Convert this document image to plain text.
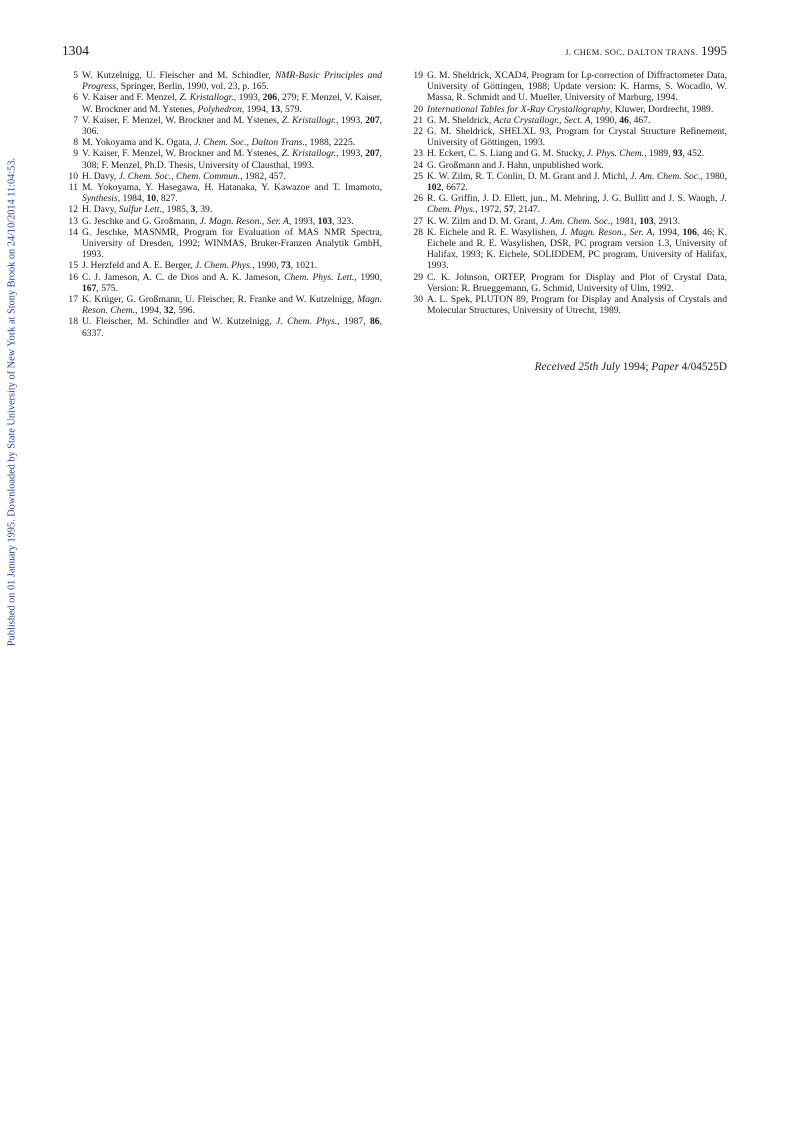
Published on 01 January 1995. Downloaded by State University of New York at Stony Brook on 24/10/2014 11:04:53.
1304	J. CHEM. SOC. DALTON TRANS. 1995
5 W. Kutzelnigg, U. Fleischer and M. Schindler, NMR-Basic Principles and Progress, Springer, Berlin, 1990, vol. 23, p. 165.
6 V. Kaiser and F. Menzel, Z. Kristallogr., 1993, 206, 279; F. Menzel, V. Kaiser, W. Brockner and M. Ystenes, Polyhedron, 1994, 13, 579.
7 V. Kaiser, F. Menzel, W. Brockner and M. Ystenes, Z. Kristallogr., 1993, 207, 306.
8 M. Yokoyama and K. Ogata, J. Chem. Soc., Dalton Trans., 1988, 2225.
9 V. Kaiser, F. Menzel, W. Brockner and M. Ystenes, Z. Kristallogr., 1993, 207, 308; F. Menzel, Ph.D. Thesis, University of Clausthal, 1993.
10 H. Davy, J. Chem. Soc., Chem. Commun., 1982, 457.
11 M. Yokoyama, Y. Hasegawa, H. Hatanaka, Y. Kawazoe and T. Imamoto, Synthesis, 1984, 10, 827.
12 H. Davy, Sulfur Lett., 1985, 3, 39.
13 G. Jeschke and G. Großmann, J. Magn. Reson., Ser. A, 1993, 103, 323.
14 G. Jeschke, MASNMR, Program for Evaluation of MAS NMR Spectra, University of Dresden, 1992; WINMAS, Bruker-Franzen Analytik GmbH, 1993.
15 J. Herzfeld and A. E. Berger, J. Chem. Phys., 1990, 73, 1021.
16 C. J. Jameson, A. C. de Dios and A. K. Jameson, Chem. Phys. Lett., 1990, 167, 575.
17 K. Krüger, G. Großmann, U. Fleischer, R. Franke and W. Kutzelnigg, Magn. Reson. Chem., 1994, 32, 596.
18 U. Fleischer, M. Schindler and W. Kutzelnigg, J. Chem. Phys., 1987, 86, 6337.
19 G. M. Sheldrick, XCAD4, Program for Lp-correction of Diffractometer Data, University of Göttingen, 1988; Update version: K. Harms, S. Wocadlo, W. Massa, R. Schmidt and U. Mueller, University of Marburg, 1994.
20 International Tables for X-Ray Crystallography, Kluwer, Dordrecht, 1989.
21 G. M. Sheldrick, Acta Crystallogr., Sect. A, 1990, 46, 467.
22 G. M. Sheldrick, SHELXL 93, Program for Crystal Structure Refinement, University of Göttingen, 1993.
23 H. Eckert, C. S. Liang and G. M. Stucky, J. Phys. Chem., 1989, 93, 452.
24 G. Großmann and J. Hahn, unpublished work.
25 K. W. Zilm, R. T. Conlin, D. M. Grant and J. Michl, J. Am. Chem. Soc., 1980, 102, 6672.
26 R. G. Griffin, J. D. Ellett, jun., M. Mehring, J. G. Bullitt and J. S. Waugh, J. Chem. Phys., 1972, 57, 2147.
27 K. W. Zilm and D. M. Grant, J. Am. Chem. Soc., 1981, 103, 2913.
28 K. Eichele and R. E. Wasylishen, J. Magn. Reson., Ser. A, 1994, 106, 46; K. Eichele and R. E. Wasylishen, DSR, PC program version 1.3, University of Halifax, 1993; K. Eichele, SOLIDDEM, PC program, University of Halifax, 1993.
29 C. K. Johnson, ORTEP, Program for Display and Plot of Crystal Data, Version: R. Brueggemann, G. Schmid, University of Ulm, 1992.
30 A. L. Spek, PLUTON 89, Program for Display and Analysis of Crystals and Molecular Structures, University of Utrecht, 1989.
Received 25th July 1994; Paper 4/04525D
